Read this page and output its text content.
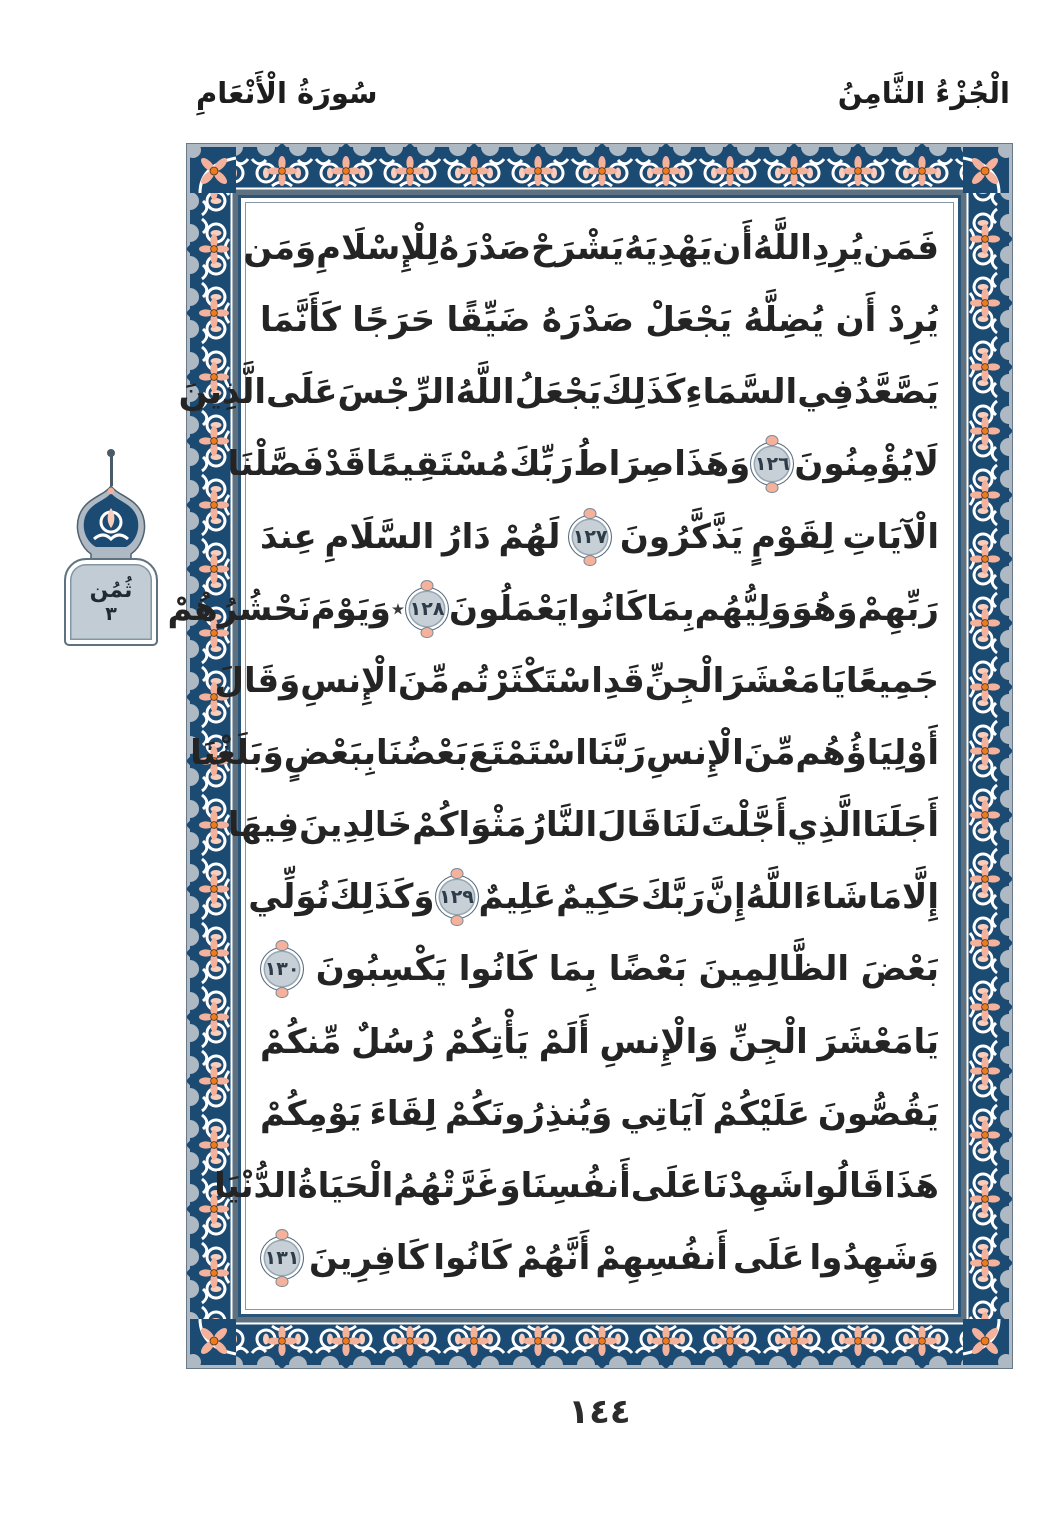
سُورَةُ الْأَنْعَامِ	الْجُزْءُ الثَّامِنُ
فَمَن
يُرِدِ
اللَّهُ
أَن
يَهْدِيَهُ
يَشْرَحْ
صَدْرَهُ
لِلْإِسْلَامِ
وَمَن
يُرِدْ
أَن
يُضِلَّهُ
يَجْعَلْ
صَدْرَهُ
ضَيِّقًا
حَرَجًا
كَأَنَّمَا
يَصَّعَّدُ
فِي
السَّمَاءِ
كَذَلِكَ
يَجْعَلُ
اللَّهُ
الرِّجْسَ
عَلَى
الَّذِينَ
لَا
يُؤْمِنُونَ
١٢٦
وَهَذَا
صِرَاطُ
رَبِّكَ
مُسْتَقِيمًا
قَدْ
فَصَّلْنَا
الْآيَاتِ
لِقَوْمٍ
يَذَّكَّرُونَ
١٢٧
لَهُمْ
دَارُ
السَّلَامِ
عِندَ
رَبِّهِمْ
وَهُوَ
وَلِيُّهُم
بِمَا
كَانُوا
يَعْمَلُونَ
١٢٨
٭
وَيَوْمَ
نَحْشُرُهُمْ
جَمِيعًا
يَامَعْشَرَ
الْجِنِّ
قَدِ
اسْتَكْثَرْتُم
مِّنَ
الْإِنسِ
وَقَالَ
أَوْلِيَاؤُهُم
مِّنَ
الْإِنسِ
رَبَّنَا
اسْتَمْتَعَ
بَعْضُنَا
بِبَعْضٍ
وَبَلَغْنَا
أَجَلَنَا
الَّذِي
أَجَّلْتَ
لَنَا
قَالَ
النَّارُ
مَثْوَاكُمْ
خَالِدِينَ
فِيهَا
إِلَّا
مَا
شَاءَ
اللَّهُ
إِنَّ
رَبَّكَ
حَكِيمٌ
عَلِيمٌ
١٢٩
وَكَذَلِكَ
نُوَلِّي
بَعْضَ
الظَّالِمِينَ
بَعْضًا
بِمَا
كَانُوا
يَكْسِبُونَ
١٣٠
يَامَعْشَرَ
الْجِنِّ
وَالْإِنسِ
أَلَمْ
يَأْتِكُمْ
رُسُلٌ
مِّنكُمْ
يَقُصُّونَ
عَلَيْكُمْ
آيَاتِي
وَيُنذِرُونَكُمْ
لِقَاءَ
يَوْمِكُمْ
هَذَا
قَالُوا
شَهِدْنَا
عَلَى
أَنفُسِنَا
وَغَرَّتْهُمُ
الْحَيَاةُ
الدُّنْيَا
وَشَهِدُوا
عَلَى
أَنفُسِهِمْ
أَنَّهُمْ
كَانُوا
كَافِرِينَ
١٣١
ثُمُن
٣
١٤٤
